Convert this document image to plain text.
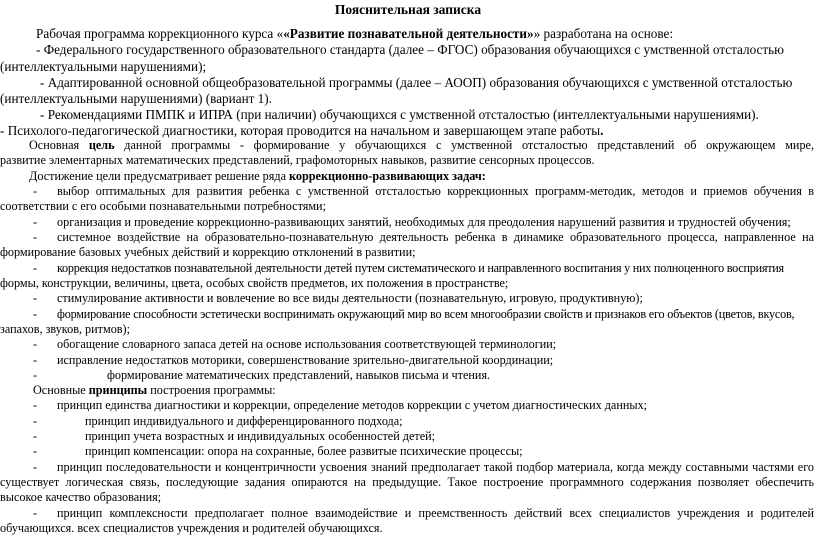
Пояснительная записка
Рабочая программа коррекционного курса ««Развитие познавательной деятельности»» разработана на основе:
- Федерального государственного образовательного стандарта (далее – ФГОС) образования обучающихся с умственной отсталостью
(интеллектуальными нарушениями);
- Адаптированной основной общеобразовательной программы (далее – АООП) образования обучающихся с умственной отсталостью
(интеллектуальными нарушениями) (вариант 1).
- Рекомендациями ПМПК и ИПРА (при наличии) обучающихся с умственной отсталостью (интеллектуальными нарушениями).
- Психолого-педагогической диагностики, которая проводится на начальном и завершающем этапе работы.
Основная цель данной программы - формирование у обучающихся с умственной отсталостью представлений об окружающем мире,
развитие элементарных математических представлений, графомоторных навыков, развитие сенсорных процессов.
Достижение цели предусматривает решение ряда коррекционно-развивающих задач:
- выбор оптимальных для развития ребенка с умственной отсталостью коррекционных программ-методик, методов и приемов обучения в
соответствии с его особыми познавательными потребностями;
- организация и проведение коррекционно-развивающих занятий, необходимых для преодоления нарушений развития и трудностей обучения;
- системное воздействие на образовательно-познавательную деятельность ребенка в динамике образовательного процесса, направленное на
формирование базовых учебных действий и коррекцию отклонений в развитии;
- коррекция недостатков познавательной деятельности детей путем систематического и направленного воспитания у них полноценного восприятия
формы, конструкции, величины, цвета, особых свойств предметов, их положения в пространстве;
- стимулирование активности и вовлечение во все виды деятельности (познавательную, игровую, продуктивную);
- формирование способности эстетически воспринимать окружающий мир во всем многообразии свойств и признаков его объектов (цветов, вкусов,
запахов, звуков, ритмов);
- обогащение словарного запаса детей на основе использования соответствующей терминологии;
- исправление недостатков моторики, совершенствование зрительно-двигательной координации;
-	формирование математических представлений, навыков письма и чтения.
Основные принципы построения программы:
- принцип единства диагностики и коррекции, определение методов коррекции с учетом диагностических данных;
-	принцип индивидуального и дифференцированного подхода;
-	принцип учета возрастных и индивидуальных особенностей детей;
-	принцип компенсации: опора на сохранные, более развитые психические процессы;
- принцип последовательности и концентричности усвоения знаний предполагает такой подбор материала, когда между составными частями его
существует логическая связь, последующие задания опираются на предыдущие. Такое построение программного содержания позволяет обеспечить
высокое качество образования;
- принцип комплексности предполагает полное взаимодействие и преемственность действий всех специалистов учреждения и родителей
обучающихся. всех специалистов учреждения и родителей обучающихся.
